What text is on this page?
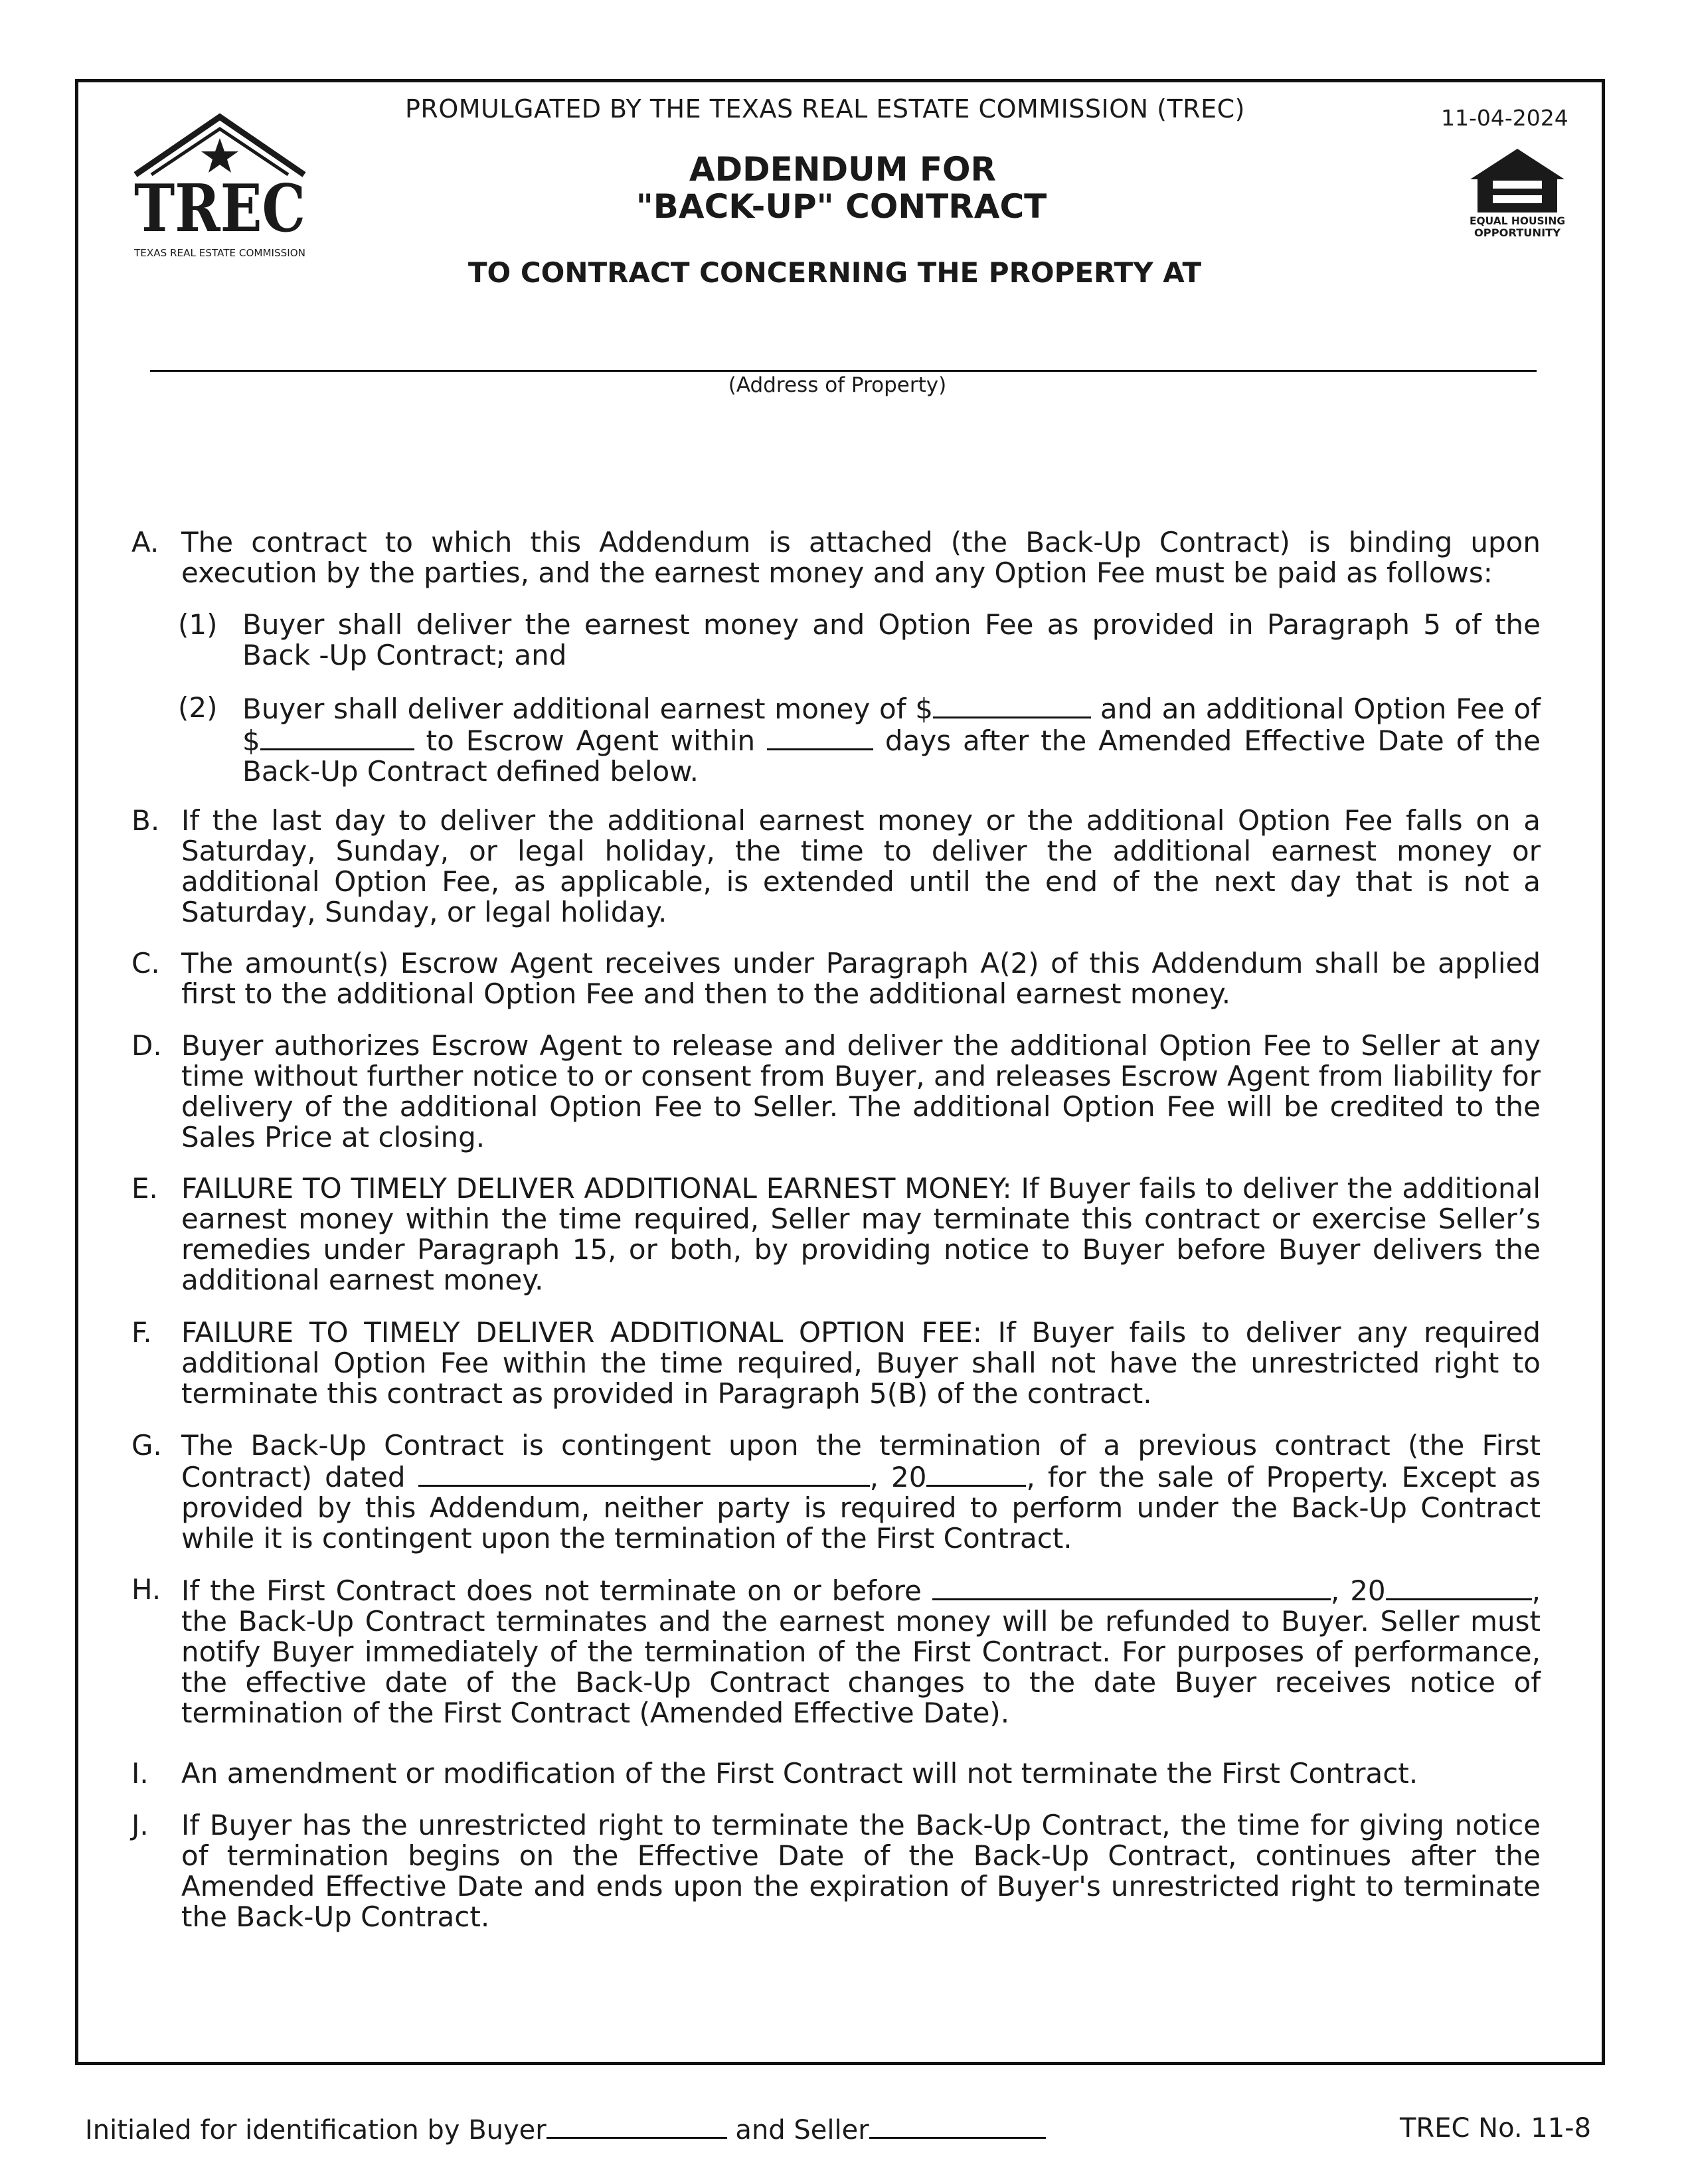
PROMULGATED BY THE TEXAS REAL ESTATE COMMISSION (TREC)	11-04-2024
TREC
TEXAS REAL ESTATE COMMISSION
EQUAL HOUSING
OPPORTUNITY
ADDENDUM FOR
"BACK-UP" CONTRACT
TO CONTRACT CONCERNING THE PROPERTY AT
(Address of Property)
A. The contract to which this Addendum is attached (the Back-Up Contract) is binding upon execution by the parties, and the earnest money and any Option Fee must be paid as follows:
(1) Buyer shall deliver the earnest money and Option Fee as provided in Paragraph 5 of the Back -Up Contract; and
(2) Buyer shall deliver additional earnest money of $	and an additional Option Fee of $	to Escrow Agent within	days after the Amended Effective Date of the Back-Up Contract defined below.
B. If the last day to deliver the additional earnest money or the additional Option Fee falls on a Saturday, Sunday, or legal holiday, the time to deliver the additional earnest money or additional Option Fee, as applicable, is extended until the end of the next day that is not a Saturday, Sunday, or legal holiday.
C. The amount(s) Escrow Agent receives under Paragraph A(2) of this Addendum shall be applied first to the additional Option Fee and then to the additional earnest money.
D. Buyer authorizes Escrow Agent to release and deliver the additional Option Fee to Seller at any time without further notice to or consent from Buyer, and releases Escrow Agent from liability for delivery of the additional Option Fee to Seller. The additional Option Fee will be credited to the Sales Price at closing.
E. FAILURE TO TIMELY DELIVER ADDITIONAL EARNEST MONEY: If Buyer fails to deliver the additional earnest money within the time required, Seller may terminate this contract or exercise Seller’s remedies under Paragraph 15, or both, by providing notice to Buyer before Buyer delivers the additional earnest money.
F. FAILURE TO TIMELY DELIVER ADDITIONAL OPTION FEE: If Buyer fails to deliver any required additional Option Fee within the time required, Buyer shall not have the unrestricted right to terminate this contract as provided in Paragraph 5(B) of the contract.
G. The Back-Up Contract is contingent upon the termination of a previous contract (the First Contract) dated	, 20	, for the sale of Property. Except as provided by this Addendum, neither party is required to perform under the Back-Up Contract while it is contingent upon the termination of the First Contract.
H. If the First Contract does not terminate on or before	, 20	, the Back-Up Contract terminates and the earnest money will be refunded to Buyer. Seller must notify Buyer immediately of the termination of the First Contract. For purposes of performance, the effective date of the Back-Up Contract changes to the date Buyer receives notice of termination of the First Contract (Amended Effective Date).
I. An amendment or modification of the First Contract will not terminate the First Contract.
J. If Buyer has the unrestricted right to terminate the Back-Up Contract, the time for giving notice of termination begins on the Effective Date of the Back-Up Contract, continues after the Amended Effective Date and ends upon the expiration of Buyer's unrestricted right to terminate the Back-Up Contract.
Initialed for identification by Buyer	and Seller	TREC No. 11-8
